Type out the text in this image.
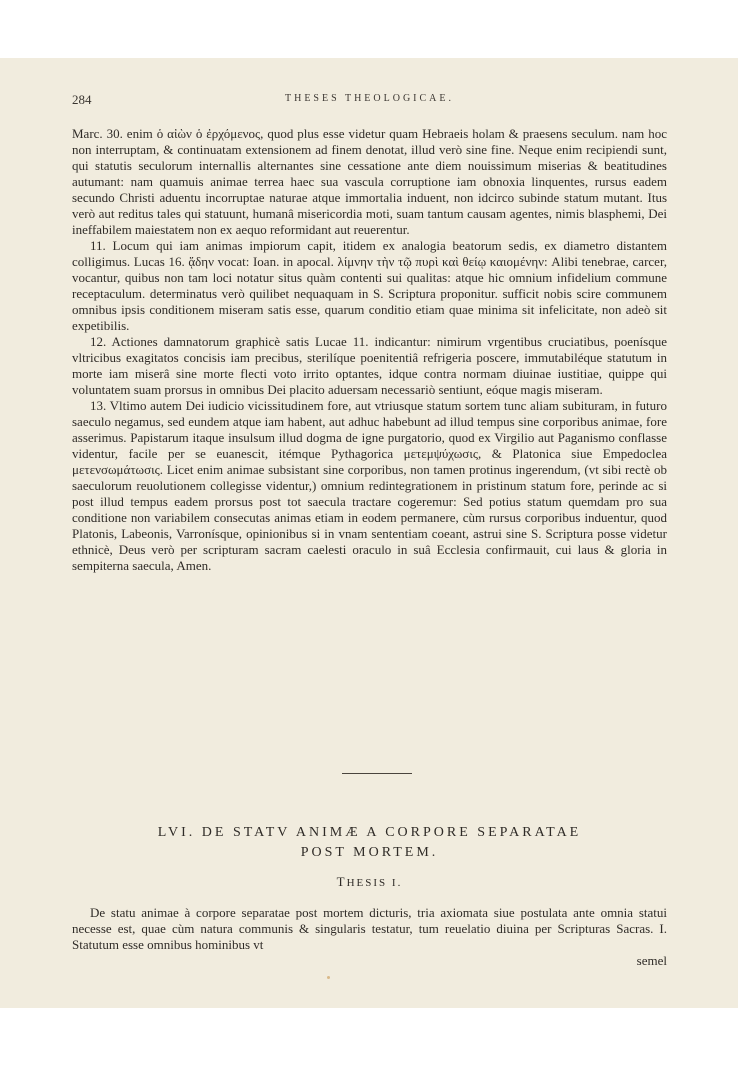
284	THESES THEOLOGICAE.

Marc. 30. enim ὁ αἰὼν ὁ ἐρχόμενος, quod plus esse videtur quam Hebraeis holam & praesens seculum. nam hoc non interruptam, & continuatam extensionem ad finem denotat, illud verò sine fine. Neque enim recipiendi sunt, qui statutis seculorum internallis alternantes sine cessatione ante diem nouissimum miserias & beatitudines autumant: nam quamuis animae terrea haec sua vascula corruptione iam obnoxia linquentes, rursus eadem secundo Christi aduentu incorruptae naturae atque immortalia induent, non idcirco subinde statum mutant. Itus verò aut reditus tales qui statuunt, humanâ misericordia moti, suam tantum causam agentes, nimis blasphemi, Dei ineffabilem maiestatem non ex aequo reformidant aut reuerentur.

11. Locum qui iam animas impiorum capit, itidem ex analogia beatorum sedis, ex diametro distantem colligimus. Lucas 16. ᾅδην vocat: Ioan. in apocal. λίμνην τὴν τῷ πυρὶ καὶ θείῳ καιομένην: Alibi tenebrae, carcer, vocantur, quibus non tam loci notatur situs quàm contenti sui qualitas: atque hic omnium infidelium commune receptaculum. determinatus verò quilibet nequaquam in S. Scriptura proponitur. sufficit nobis scire communem omnibus ipsis conditionem miseram satis esse, quarum conditio etiam quae minima sit infelicitate, non adeò sit expetibilis.

12. Actiones damnatorum graphicè satis Lucae 11. indicantur: nimirum vrgentibus cruciatibus, poenísque vltricibus exagitatos concisis iam precibus, sterilíque poenitentiâ refrigeria poscere, immutabiléque statutum in morte iam miserâ sine morte flecti voto irrito optantes, idque contra normam diuinae iustitiae, quippe qui voluntatem suam prorsus in omnibus Dei placito aduersam necessariò sentiunt, eóque magis miseram.

13. Vltimo autem Dei iudicio vicissitudinem fore, aut vtriusque statum sortem tunc aliam subituram, in futuro saeculo negamus, sed eundem atque iam habent, aut adhuc habebunt ad illud tempus sine corporibus animae, fore asserimus. Papistarum itaque insulsum illud dogma de igne purgatorio, quod ex Virgilio aut Paganismo conflasse videntur, facile per se euanescit, itémque Pythagorica μετεμψύχωσις, & Platonica siue Empedoclea μετενσωμάτωσις. Licet enim animae subsistant sine corporibus, non tamen protinus ingerendum, (vt sibi rectè ob saeculorum reuolutionem collegisse videntur,) omnium redintegrationem in pristinum statum fore, perinde ac si post illud tempus eadem prorsus post tot saecula tractare cogeremur: Sed potius statum quemdam pro sua conditione non variabilem consecutas animas etiam in eodem permanere, cùm rursus corporibus induentur, quod Platonis, Labeonis, Varronísque, opinionibus si in vnam sententiam coeant, astrui sine S. Scriptura posse videtur ethnicè, Deus verò per scripturam sacram caelesti oraculo in suâ Ecclesia confirmauit, cui laus & gloria in sempiterna saecula, Amen.

LVI. DE STATV ANIMÆ A CORPORE SEPARATAE
POST MORTEM.
THESIS I.

De statu animae à corpore separatae post mortem dicturis, tria axiomata siue postulata ante omnia statui necesse est, quae cùm natura communis & singularis testatur, tum reuelatio diuina per Scripturas Sacras. I. Statutum esse omnibus hominibus vt

semel
